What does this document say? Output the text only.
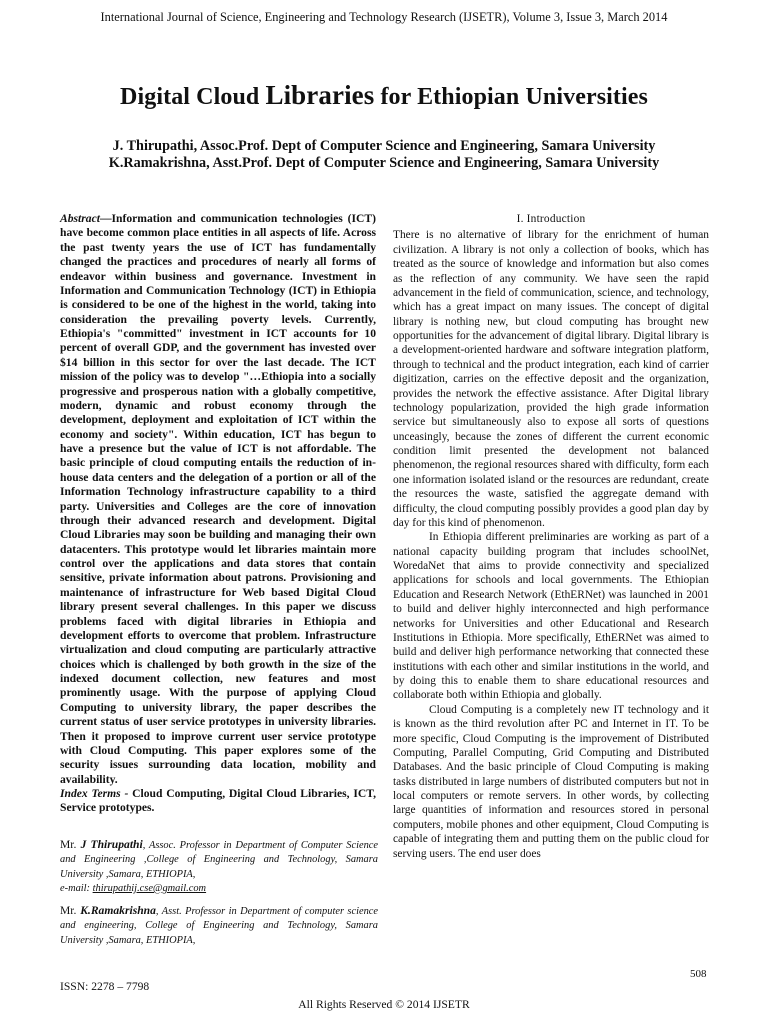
International Journal of Science, Engineering and Technology Research (IJSETR), Volume 3, Issue 3, March 2014
Digital Cloud Libraries for Ethiopian Universities
J. Thirupathi, Assoc.Prof. Dept of Computer Science and Engineering, Samara University
K.Ramakrishna, Asst.Prof. Dept of Computer Science and Engineering, Samara University

Abstract—Information and communication technologies (ICT) have become common place entities in all aspects of life. Across the past twenty years the use of ICT has fundamentally changed the practices and procedures of nearly all forms of endeavor within business and governance. Investment in Information and Communication Technology (ICT) in Ethiopia is considered to be one of the highest in the world, taking into consideration the prevailing poverty levels. Currently, Ethiopia's "committed" investment in ICT accounts for 10 percent of overall GDP, and the government has invested over $14 billion in this sector for over the last decade. The ICT mission of the policy was to develop "…Ethiopia into a socially progressive and prosperous nation with a globally competitive, modern, dynamic and robust economy through the development, deployment and exploitation of ICT within the economy and society". Within education, ICT has begun to have a presence but the value of ICT is not affordable. The basic principle of cloud computing entails the reduction of in-house data centers and the delegation of a portion or all of the Information Technology infrastructure capability to a third party. Universities and Colleges are the core of innovation through their advanced research and development. Digital Cloud Libraries may soon be building and managing their own datacenters. This prototype would let libraries maintain more control over the applications and data stores that contain sensitive, private information about patrons. Provisioning and maintenance of infrastructure for Web based Digital Cloud library present several challenges. In this paper we discuss problems faced with digital libraries in Ethiopia and development efforts to overcome that problem. Infrastructure virtualization and cloud computing are particularly attractive choices which is challenged by both growth in the size of the indexed document collection, new features and most prominently usage. With the purpose of applying Cloud Computing to university library, the paper describes the current status of user service prototypes in university libraries. Then it proposed to improve current user service prototype with Cloud Computing. This paper explores some of the security issues surrounding data location, mobility and availability.

Index Terms - Cloud Computing, Digital Cloud Libraries, ICT, Service prototypes.

Mr. J Thirupathi, Assoc. Professor in Department of Computer Science and Engineering ,College of Engineering and Technology, Samara University ,Samara, ETHIOPIA,
e-mail: thirupathij.cse@gmail.com

Mr. K.Ramakrishna, Asst. Professor in Department of computer science and engineering, College of Engineering and Technology, Samara University ,Samara, ETHIOPIA,

I. Introduction

There is no alternative of library for the enrichment of human civilization. A library is not only a collection of books, which has treated as the source of knowledge and information but also comes as the reflection of any community. We have seen the rapid advancement in the field of communication, science, and technology, which has a great impact on many issues. The concept of digital library is nothing new, but cloud computing has brought new opportunities for the advancement of digital library. Digital library is a development-oriented hardware and software integration platform, through to technical and the product integration, each kind of carrier digitization, carries on the effective deposit and the organization, provides the network the effective assistance. After Digital library technology popularization, provided the high grade information service but simultaneously also to expose all sorts of questions unceasingly, because the zones of different the current economic condition limit presented the development not balanced phenomenon, the regional resources shared with difficulty, form each one information isolated island or the resources are redundant, create the resources the waste, satisfied the aggregate demand with difficulty, the cloud computing possibly provides a good plan day by day for this kind of phenomenon.

In Ethiopia different preliminaries are working as part of a national capacity building program that includes schoolNet, WoredaNet that aims to provide connectivity and specialized applications for schools and local governments. The Ethiopian Education and Research Network (EthERNet) was launched in 2001 to build and deliver highly interconnected and high performance networks for Universities and other Educational and Research Institutions in Ethiopia. More specifically, EthERNet was aimed to build and deliver high performance networking that connected these institutions with each other and similar institutions in the world, and by doing this to enable them to share educational resources and collaborate both within Ethiopia and globally.

Cloud Computing is a completely new IT technology and it is known as the third revolution after PC and Internet in IT. To be more specific, Cloud Computing is the improvement of Distributed Computing, Parallel Computing, Grid Computing and Distributed Databases. And the basic principle of Cloud Computing is making tasks distributed in large numbers of distributed computers but not in local computers or remote servers. In other words, by collecting large quantities of information and resources stored in personal computers, mobile phones and other equipment, Cloud Computing is capable of integrating them and putting them on the public cloud for serving users. The end user does

508
ISSN: 2278 – 7798
All Rights Reserved © 2014 IJSETR
